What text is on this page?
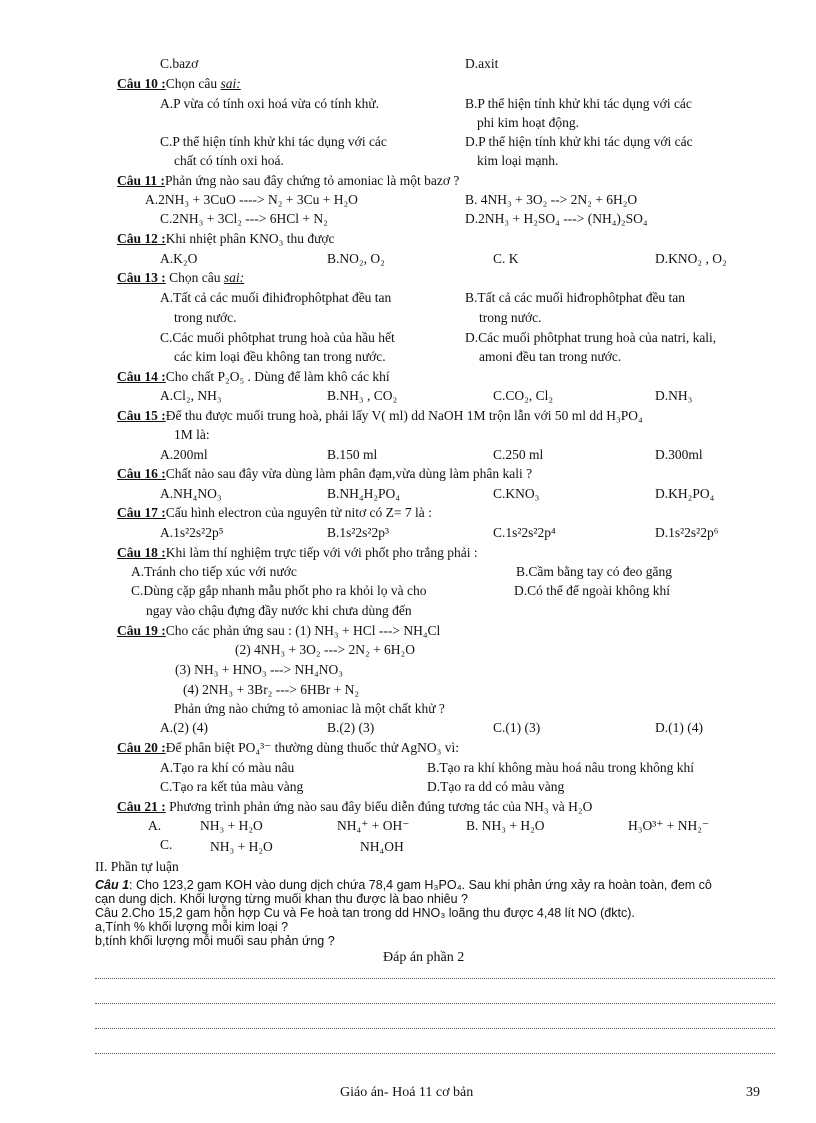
C.bazơ	D.axit
Câu 10 :Chọn câu sai:
A.P vừa có tính oxi hoá vừa có tính khử.	B.P thể hiện tính khử khi tác dụng với các
phi kim hoạt động.
C.P thể hiện tính khử khi tác dụng với các	D.P thể hiện tính khử khi tác dụng với các
chất có tính oxi hoá.	kim loại mạnh.
Câu 11 :Phản ứng nào sau đây chứng tỏ amoniac là một bazơ ?
A.2NH₃ + 3CuO ----> N₂ + 3Cu + H₂O	B. 4NH₃ + 3O₂ --> 2N₂ + 6H₂O
C.2NH₃ + 3Cl₂ ---> 6HCl + N₂	D.2NH₃ + H₂SO₄ ---> (NH₄)₂SO₄
Câu 12 :Khi nhiệt phân KNO₃ thu được
A.K₂O	B.NO₂, O₂	C. K	D.KNO₂ , O₂
Câu 13 : Chọn câu sai:
A.Tất cả các muối đihiđrophôtphat đều tan	B.Tất cả các muối hiđrophôtphat đều tan
trong nước.	trong nước.
C.Các muối phôtphat trung hoà của hầu hết	D.Các muối phôtphat trung hoà của natri, kali,
các kim loại đều không tan trong nước.	amoni đều tan trong nước.
Câu 14 :Cho chất P₂O₅ . Dùng để làm khô các khí
A.Cl₂, NH₃	B.NH₃ , CO₂	C.CO₂, Cl₂	D.NH₃
Câu 15 :Để thu được muối trung hoà, phải lấy V( ml) dd NaOH 1M trộn lẫn với 50 ml dd H₃PO₄
1M là:
A.200ml	B.150 ml	C.250 ml	D.300ml
Câu 16 :Chất nào sau đây vừa dùng làm phân đạm,vừa dùng làm phân kali ?
A.NH₄NO₃	B.NH₄H₂PO₄	C.KNO₃	D.KH₂PO₄
Câu 17 :Cấu hình electron của nguyên tử nitơ có Z= 7 là :
A.1s²2s²2p⁵	B.1s²2s²2p³	C.1s²2s²2p⁴	D.1s²2s²2p⁶
Câu 18 :Khi làm thí nghiệm trực tiếp với với phốt pho trắng phải :
A.Tránh cho tiếp xúc với nước	B.Cầm bằng tay có đeo găng
C.Dùng cặp gắp nhanh mẫu phốt pho ra khỏi lọ và cho	D.Có thể để ngoài không khí
ngay vào chậu đựng đầy nước khi chưa dùng đến
Câu 19 :Cho các phản ứng sau : (1) NH₃ + HCl ---> NH₄Cl
(2) 4NH₃ + 3O₂ ---> 2N₂ + 6H₂O
(3) NH₃ + HNO₃ ---> NH₄NO₃
(4) 2NH₃ + 3Br₂ ---> 6HBr + N₂
Phản ứng nào chứng tỏ amoniac là một chất khử ?
A.(2) (4)	B.(2) (3)	C.(1) (3)	D.(1) (4)
Câu 20 :Để phân biệt PO₄³⁻ thường dùng thuốc thử AgNO₃ vì:
A.Tạo ra khí có màu nâu	B.Tạo ra khí không màu hoá nâu trong không khí
C.Tạo ra kết tủa màu vàng	D.Tạo ra dd có màu vàng
Câu 21 : Phương trình phản ứng nào sau đây biểu diễn đúng tương tác của NH₃ và H₂O
A.	NH₃ + H₂O	NH₄⁺ + OH⁻	B. NH₃ + H₂O	H₃O³⁺ + NH₂⁻
C.	NH₃ + H₂O	NH₄OH
II. Phần tự luận
Câu 1: Cho 123,2 gam KOH vào dung dịch chứa 78,4 gam H₃PO₄. Sau khi phản ứng xảy ra hoàn toàn, đem cô
cạn dung dịch. Khối lượng từng muối khan thu được là bao nhiêu ?
Câu 2.Cho 15,2 gam hỗn hợp Cu và Fe hoà tan trong dd HNO₃ loãng thu được 4,48 lít NO (đktc).
a,Tính % khối lượng mỗi kim loại ?
b,tính khối lượng mỗi muối sau phản ứng ?
Đáp án phần 2
Giáo án- Hoá 11 cơ bản	39
